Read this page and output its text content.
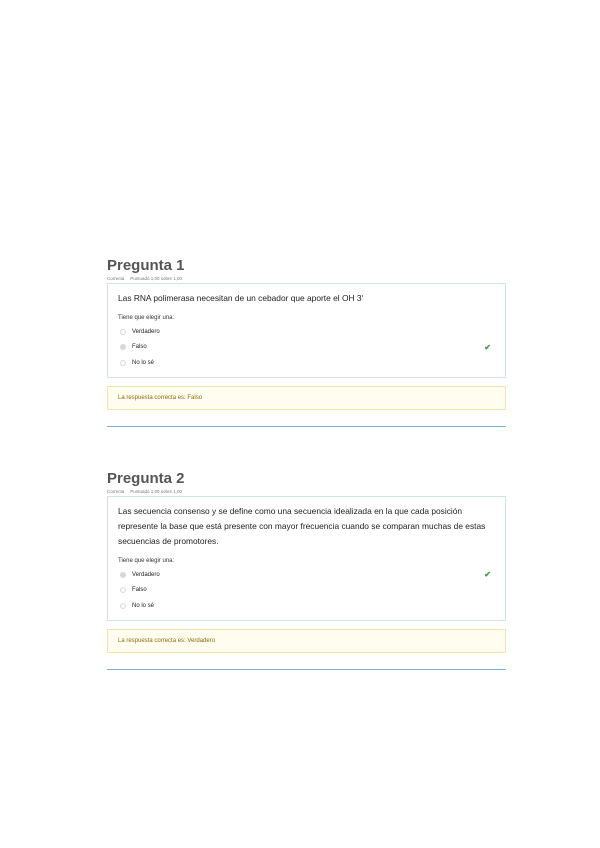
Pregunta 1
Correcta Puntuadó 1,00 sobre 1,00

Las RNA polimerasa necesitan de un cebador que aporte el OH 3'

Tiene que elegir una:
Verdadero
Falso	✔
No lo sé
La respuesta correcta es: Falso
Pregunta 2
Correcta Puntuadó 1,00 sobre 1,00

Las secuencia consenso y se define como una secuencia idealizada en la que cada posición represente la base que está presente con mayor frecuencia cuando se comparan muchas de estas secuencias de promotores.

Tiene que elegir una:
Verdadero	✔
Falso
No lo sé
La respuesta correcta es: Verdadero
